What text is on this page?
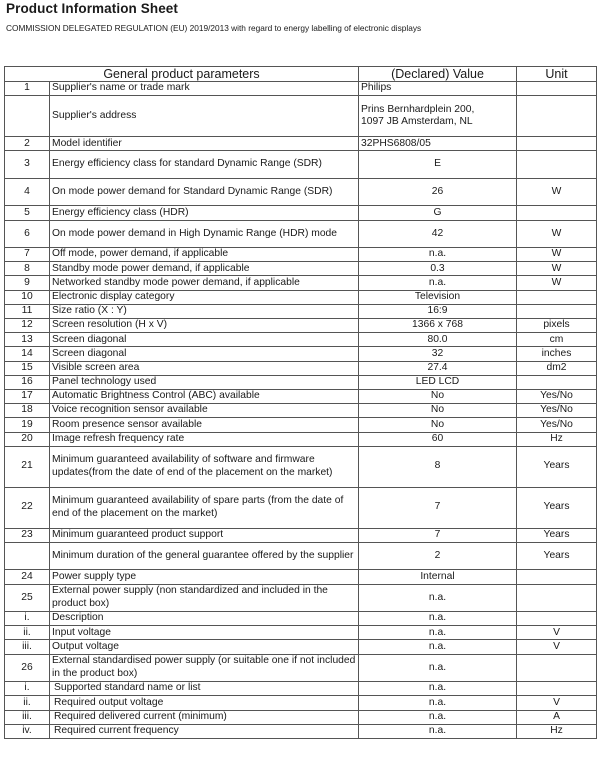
Product Information Sheet
COMMISSION DELEGATED REGULATION (EU) 2019/2013 with regard to energy labelling of electronic displays
General product parameters		(Declared) Value	Unit
1	Supplier's name or trade mark	Philips	
	Supplier's address	Prins Bernhardplein 200,
1097 JB Amsterdam, NL	
2	Model identifier	32PHS6808/05	
3	Energy efficiency class for standard Dynamic Range (SDR)	E	
4	On mode power demand for Standard Dynamic Range (SDR)	26	W
5	Energy efficiency class (HDR)	G	
6	On mode power demand in High Dynamic Range (HDR) mode	42	W
7	Off mode, power demand, if applicable	n.a.	W
8	Standby mode power demand, if applicable	0.3	W
9	Networked standby mode power demand, if applicable	n.a.	W
10	Electronic display category	Television	
11	Size ratio (X : Y)	16:9	
12	Screen resolution (H x V)	1366 x 768	pixels
13	Screen diagonal	80.0	cm
14	Screen diagonal	32	inches
15	Visible screen area	27.4	dm2
16	Panel technology used	LED LCD	
17	Automatic Brightness Control (ABC) available	No	Yes/No
18	Voice recognition sensor available	No	Yes/No
19	Room presence sensor available	No	Yes/No
20	Image refresh frequency rate	60	Hz
21	Minimum guaranteed availability of software and firmware updates(from the date of end of the placement on the market)	8	Years
22	Minimum guaranteed availability of spare parts (from the date of end of the placement on the market)	7	Years
23	Minimum guaranteed product support	7	Years
	Minimum duration of the general guarantee offered by the supplier	2	Years
24	Power supply type	Internal	
25	External power supply (non standardized and included in the product box)	n.a.	
i.	Description	n.a.	
ii.	Input voltage	n.a.	V
iii.	Output voltage	n.a.	V
26	External standardised power supply (or suitable one if not included in the product box)	n.a.	
i.	Supported standard name or list	n.a.	
ii.	Required output voltage	n.a.	V
iii.	Required delivered current (minimum)	n.a.	A
iv.	Required current frequency	n.a.	Hz
